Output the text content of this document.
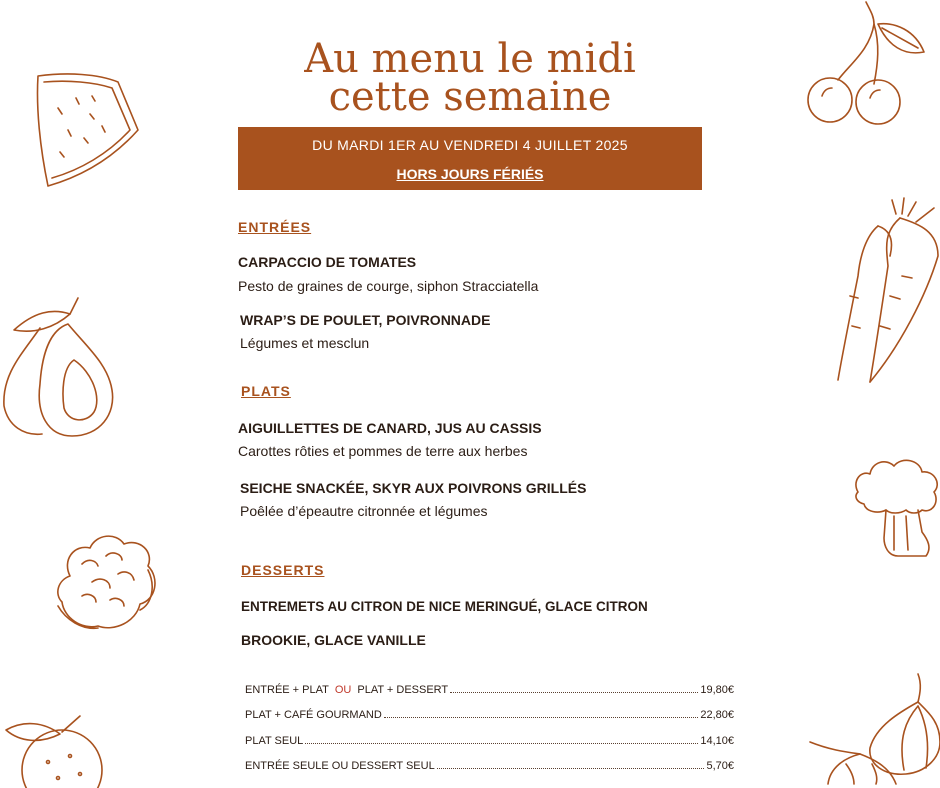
Au menu le midi
cette semaine
DU MARDI 1ER AU VENDREDI 4 JUILLET 2025
HORS JOURS FÉRIÉS
ENTRÉES
CARPACCIO DE TOMATES
Pesto de graines de courge, siphon Stracciatella
WRAP’S DE POULET, POIVRONNADE
Légumes et mesclun
PLATS
AIGUILLETTES DE CANARD, JUS AU CASSIS
Carottes rôties et pommes de terre aux herbes
SEICHE SNACKÉE, SKYR AUX POIVRONS GRILLÉS
Poêlée d’épeautre citronnée et légumes
DESSERTS
ENTREMETS AU CITRON DE NICE MERINGUÉ, GLACE CITRON
BROOKIE, GLACE VANILLE
ENTRÉE + PLAT OU PLAT + DESSERT	19,80€
PLAT + CAFÉ GOURMAND	22,80€
PLAT SEUL	14,10€
ENTRÉE SEULE OU DESSERT SEUL	5,70€
